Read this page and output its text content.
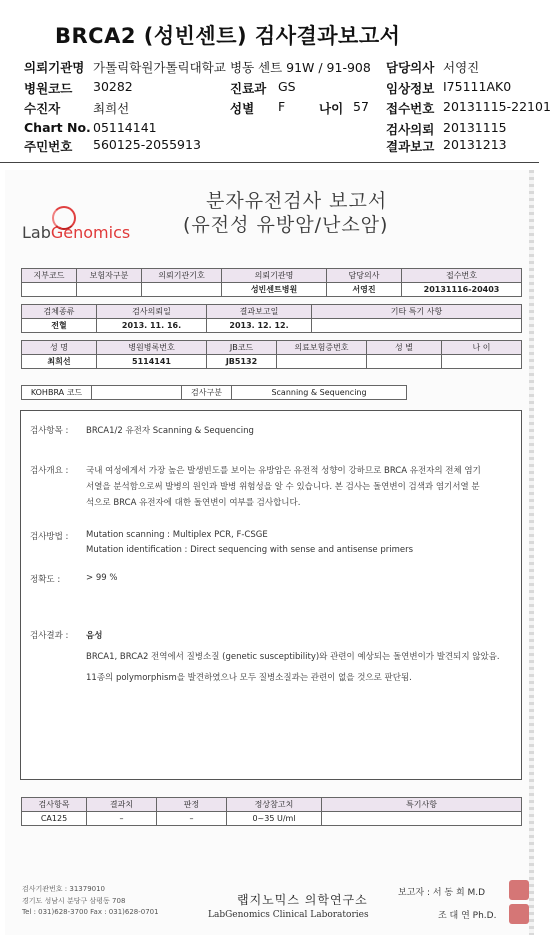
BRCA2 (성빈센트) 검사결과보고서
의뢰기관명 가톨릭학원가톨릭대학교 병동 센트 91W / 91-908 담당의사 서영진
병원코드 30282	진료과 GS	임상정보 I75111AK0
수진자	최희선	성별 F	나이 57 접수번호 20131115-22101
Chart No. 05114141	검사의뢰 20131115
주민번호 560125-2055913	결과보고 20131213
LabGenomics
분자유전검사 보고서
(유전성 유방암/난소암)
지부코드	보험자구분	의뢰기관기호	의뢰기관명	담당의사	접수번호
			성빈센트병원	서영진	20131116-20403
검체종류	검사의뢰일	결과보고일	기타 특기 사항
전혈	2013. 11. 16.	2013. 12. 12.	
성 명	병원병록번호	JB코드	의료보험증번호	성 별	나 이
최희선	5114141	JB5132			
KOHBRA 코드		검사구분	Scanning & Sequencing
검사항목 : BRCA1/2 유전자 Scanning & Sequencing
검사개요 : 국내 여성에게서 가장 높은 발생빈도를 보이는 유방암은 유전적 성향이 강하므로 BRCA 유전자의 전체 염기
서열을 분석함으로써 발병의 원인과 발병 위험성을 알 수 있습니다. 본 검사는 돌연변이 검색과 염기서열 분
석으로 BRCA 유전자에 대한 돌연변이 여부를 검사합니다.
검사방법 : Mutation scanning : Multiplex PCR, F-CSGE
Mutation identification : Direct sequencing with sense and antisense primers
정확도 :	> 99 %
검사결과 : 음성
BRCA1, BRCA2 전역에서 질병소질 (genetic susceptibility)와 관련이 예상되는 돌연변이가 발견되지 않았음.
11종의 polymorphism을 발견하였으나 모두 질병소질과는 관련이 없을 것으로 판단됨.
검사항목	결과치	판정	정상참고치	특기사항
CA125	–	–	0~35 U/ml	
검사기관번호 : 31379010
경기도 성남시 분당구 삼평동 708
Tel : 031)628-3700 Fax : 031)628-0701
랩지노믹스 의학연구소
LabGenomics Clinical Laboratories
보고자 : 서 동 희 M.D
조 대 연 Ph.D.
